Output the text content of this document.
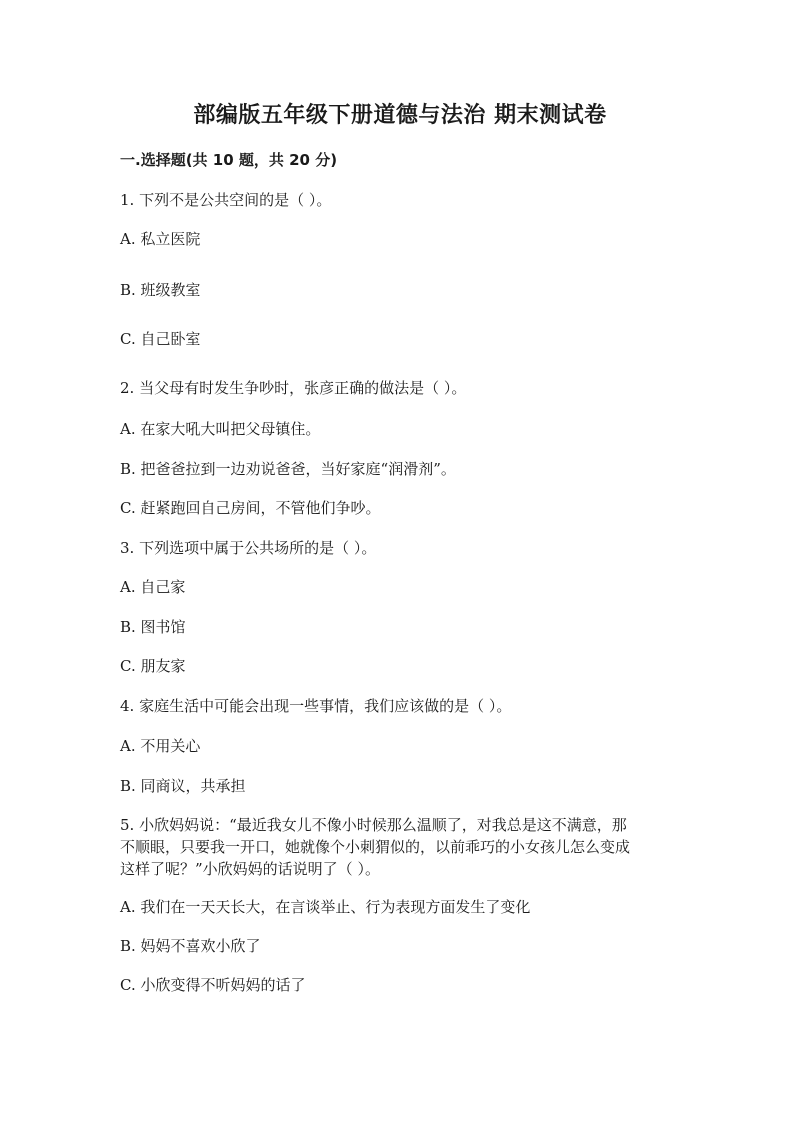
部编版五年级下册道德与法治 期末测试卷
一.选择题(共 10 题，共 20 分)
1. 下列不是公共空间的是（ ）。
A. 私立医院
B. 班级教室
C. 自己卧室
2. 当父母有时发生争吵时，张彦正确的做法是（ ）。
A. 在家大吼大叫把父母镇住。
B. 把爸爸拉到一边劝说爸爸，当好家庭“润滑剂”。
C. 赶紧跑回自己房间，不管他们争吵。
3. 下列选项中属于公共场所的是（ ）。
A. 自己家
B. 图书馆
C. 朋友家
4. 家庭生活中可能会出现一些事情，我们应该做的是（ ）。
A. 不用关心
B. 同商议，共承担
5. 小欣妈妈说：“最近我女儿不像小时候那么温顺了，对我总是这不满意，那
不顺眼，只要我一开口，她就像个小刺猬似的，以前乖巧的小女孩儿怎么变成
这样了呢？”小欣妈妈的话说明了（ ）。
A. 我们在一天天长大，在言谈举止、行为表现方面发生了变化
B. 妈妈不喜欢小欣了
C. 小欣变得不听妈妈的话了
